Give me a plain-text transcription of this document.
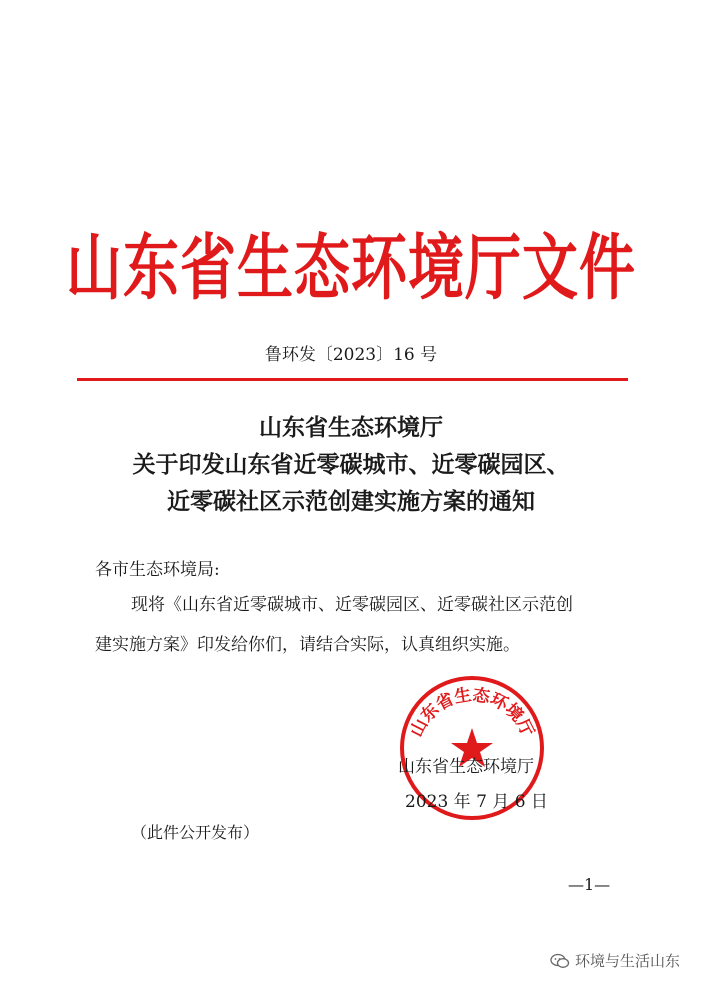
山东省生态环境厅文件
鲁环发〔2023〕16 号
山东省生态环境厅
关于印发山东省近零碳城市、近零碳园区、
近零碳社区示范创建实施方案的通知
各市生态环境局:
现将《山东省近零碳城市、近零碳园区、近零碳社区示范创
建实施方案》印发给你们，请结合实际，认真组织实施。
山东省生态环境厅
山东省生态环境厅
2023 年 7 月 6 日
（此件公开发布）
—1—
环境与生活山东
